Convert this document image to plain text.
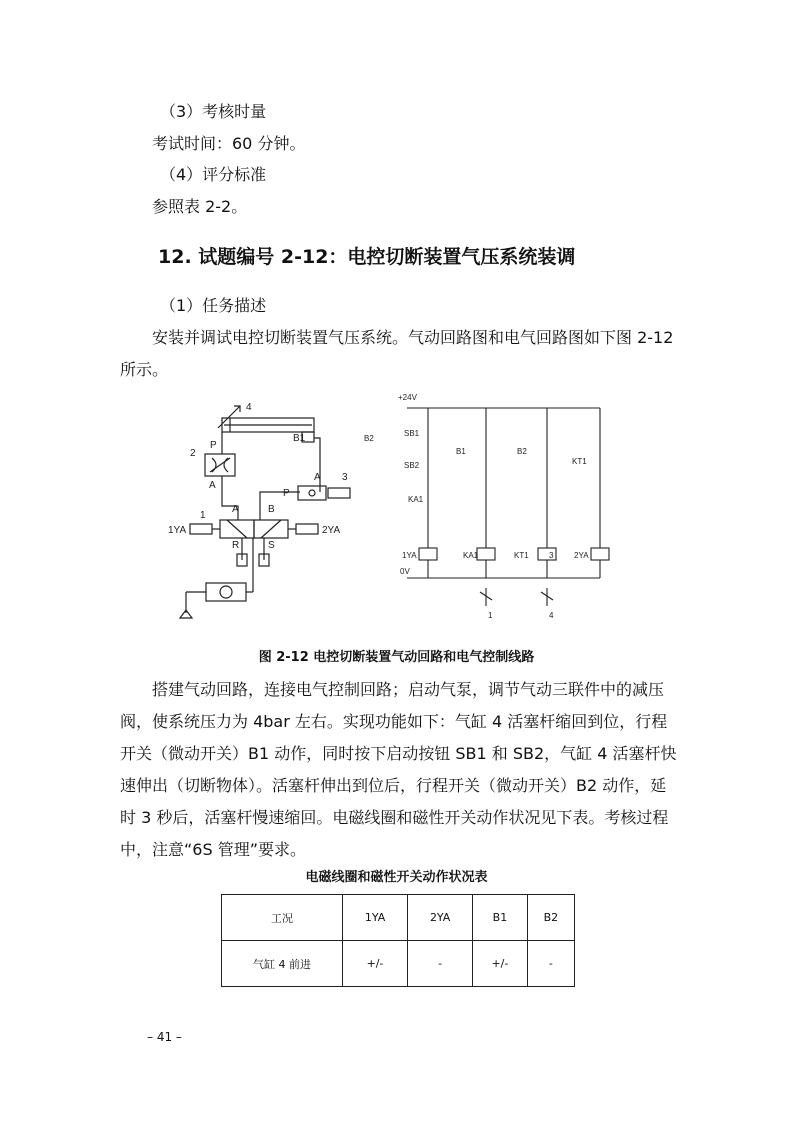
（3）考核时量
考试时间：60 分钟。
（4）评分标准
参照表 2-2。
12. 试题编号 2-12：电控切断装置气压系统装调
（1）任务描述

安装并调试电控切断装置气压系统。气动回路图和电气回路图如下图 2-12 所示。

4
2
P
A
B1
A 3
P
1
A	B
R	S
1YA	2YA
+24V
0V
B2
SB1
SB2
KA1
B1	B2
KT1
1YA	KA1	KT1	2YA
3
1	4
图 2-12 电控切断装置气动回路和电气控制线路

搭建气动回路，连接电气控制回路；启动气泵，调节气动三联件中的减压阀，使系统压力为 4bar 左右。实现功能如下：气缸 4 活塞杆缩回到位，行程开关（微动开关）B1 动作，同时按下启动按钮 SB1 和 SB2，气缸 4 活塞杆快速伸出（切断物体）。活塞杆伸出到位后，行程开关（微动开关）B2 动作，延时 3 秒后，活塞杆慢速缩回。电磁线圈和磁性开关动作状况见下表。考核过程中，注意“6S 管理”要求。

电磁线圈和磁性开关动作状况表
工况	1YA	2YA	B1	B2
气缸 4 前进	+/-	-	+/-	-
– 41 –
